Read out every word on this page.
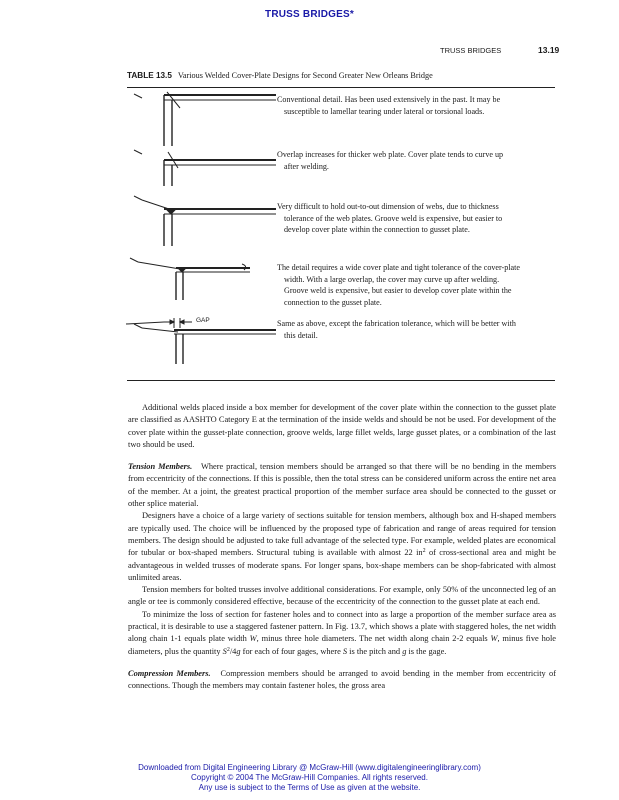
TRUSS BRIDGES*
TRUSS BRIDGES	13.19
TABLE 13.5 Various Welded Cover-Plate Designs for Second Greater New Orleans Bridge
GAP
Conventional detail. Has been used extensively in the past. It may be
susceptible to lamellar tearing under lateral or torsional loads.
Overlap increases for thicker web plate. Cover plate tends to curve up
after welding.
Very difficult to hold out-to-out dimension of webs, due to thickness
tolerance of the web plates. Groove weld is expensive, but easier to
develop cover plate within the connection to gusset plate.
The detail requires a wide cover plate and tight tolerance of the cover-plate
width. With a large overlap, the cover may curve up after welding.
Groove weld is expensive, but easier to develop cover plate within the
connection to the gusset plate.
Same as above, except the fabrication tolerance, which will be better with
this detail.

Additional welds placed inside a box member for development of the cover plate within the connection to the gusset plate are classified as AASHTO Category E at the termination of the inside welds and should be not be used. For development of the cover plate within the gusset-plate connection, groove welds, large fillet welds, large gusset plates, or a combination of the last two should be used.

Tension Members. Where practical, tension members should be arranged so that there will be no bending in the members from eccentricity of the connections. If this is possible, then the total stress can be considered uniform across the entire net area of the member. At a joint, the greatest practical proportion of the member surface area should be connected to the gusset or other splice material.

Designers have a choice of a large variety of sections suitable for tension members, although box and H-shaped members are typically used. The choice will be influenced by the proposed type of fabrication and range of areas required for tension members. The design should be adjusted to take full advantage of the selected type. For example, welded plates are economical for tubular or box-shaped members. Structural tubing is available with almost 22 $in^2$ of cross-sectional area and might be advantageous in welded trusses of moderate spans. For longer spans, box-shape members can be shop-fabricated with almost unlimited areas.

Tension members for bolted trusses involve additional considerations. For example, only 50% of the unconnected leg of an angle or tee is commonly considered effective, because of the eccentricity of the connection to the gusset plate at each end.

To minimize the loss of section for fastener holes and to connect into as large a proportion of the member surface area as practical, it is desirable to use a staggered fastener pattern. In Fig. 13.7, which shows a plate with staggered holes, the net width along chain 1-1 equals plate width W, minus three hole diameters. The net width along chain 2-2 equals W, minus five hole diameters, plus the quantity $S^2/4g$ for each of four gages, where S is the pitch and g is the gage.

Compression Members. Compression members should be arranged to avoid bending in the member from eccentricity of connections. Though the members may contain fastener holes, the gross area

Downloaded from Digital Engineering Library @ McGraw-Hill (www.digitalengineeringlibrary.com)
Copyright © 2004 The McGraw-Hill Companies. All rights reserved.
Any use is subject to the Terms of Use as given at the website.
